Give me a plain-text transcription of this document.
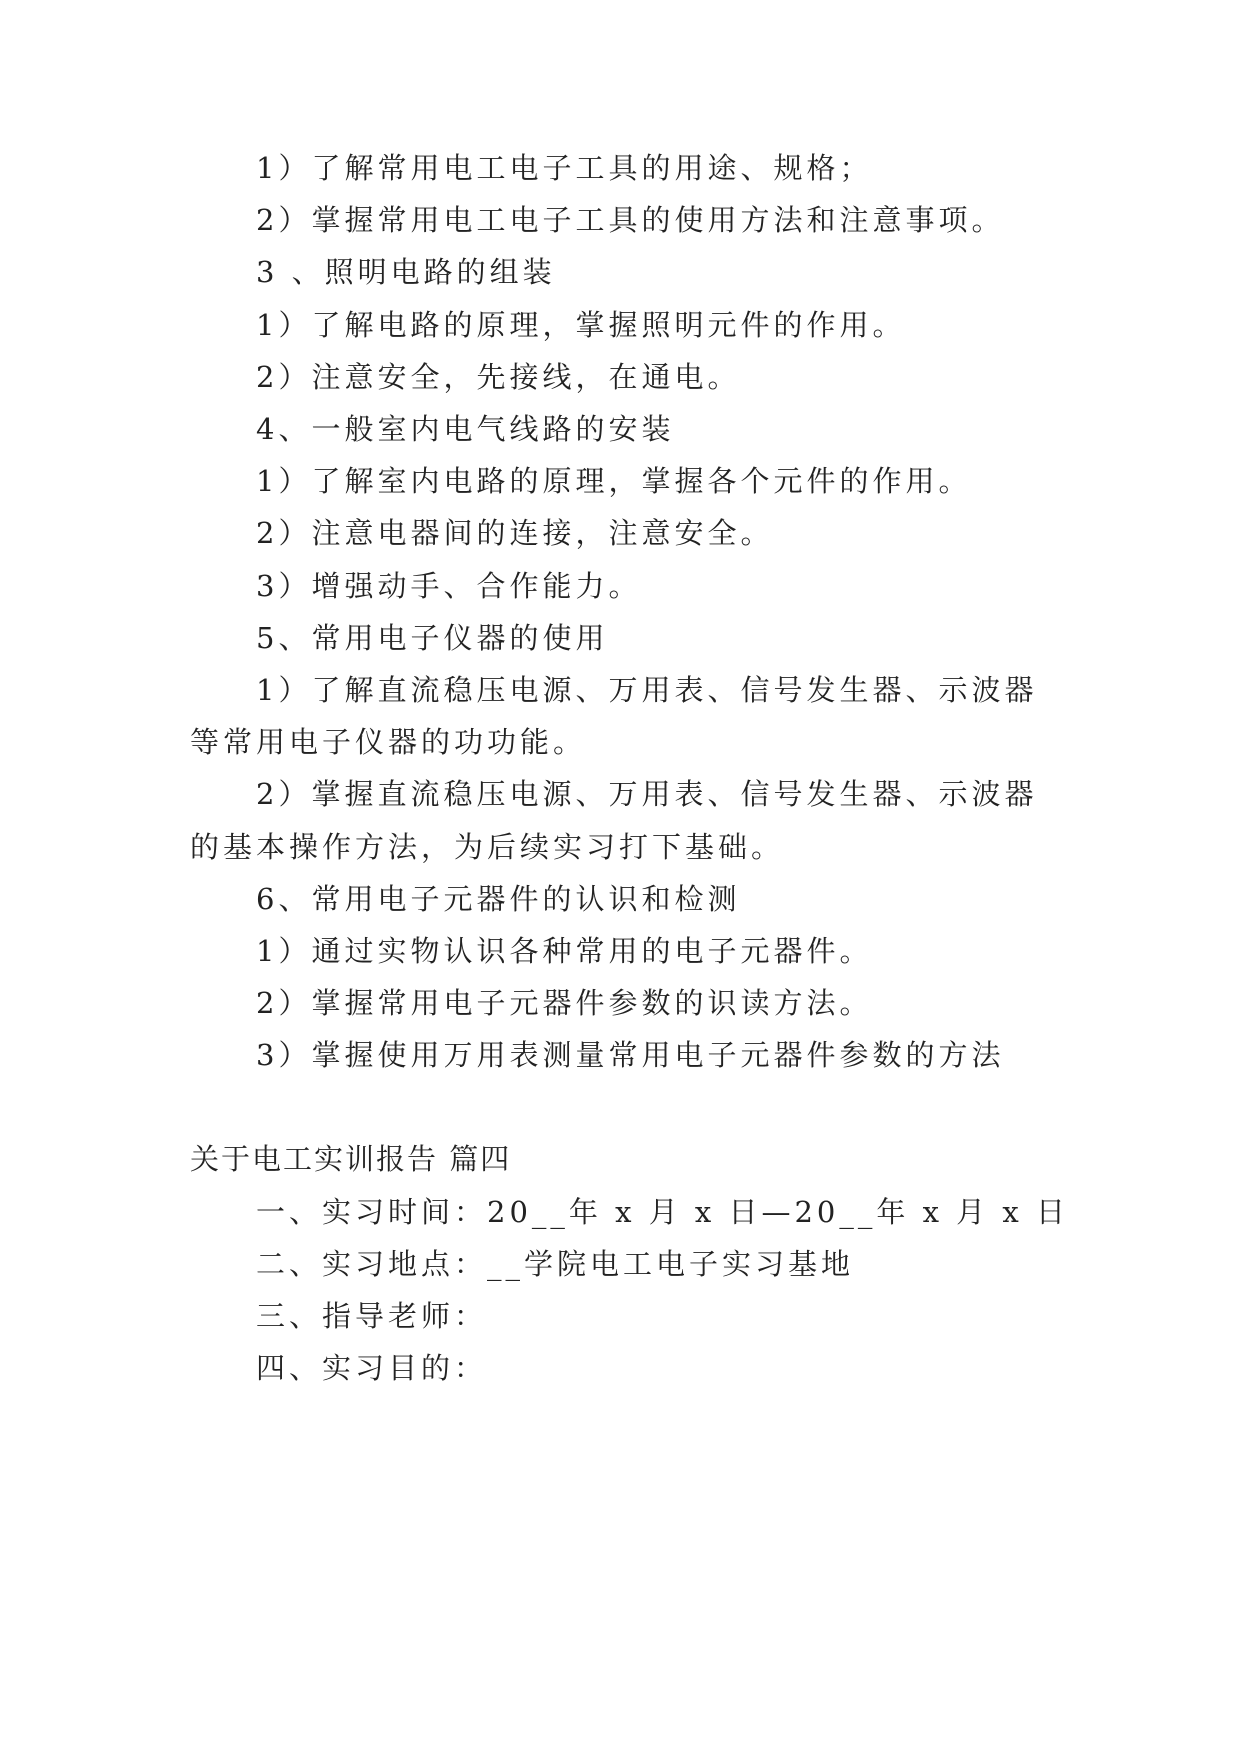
1）了解常用电工电子工具的用途、规格；
2）掌握常用电工电子工具的使用方法和注意事项。
3 、照明电路的组装
1）了解电路的原理，掌握照明元件的作用。
2）注意安全，先接线，在通电。
4、一般室内电气线路的安装
1）了解室内电路的原理，掌握各个元件的作用。
2）注意电器间的连接，注意安全。
3）增强动手、合作能力。
5、常用电子仪器的使用
1）了解直流稳压电源、万用表、信号发生器、示波器
等常用电子仪器的功功能。
2）掌握直流稳压电源、万用表、信号发生器、示波器
的基本操作方法，为后续实习打下基础。
6、常用电子元器件的认识和检测
1）通过实物认识各种常用的电子元器件。
2）掌握常用电子元器件参数的识读方法。
3）掌握使用万用表测量常用电子元器件参数的方法
关于电工实训报告 篇四
一、实习时间：20__年 x 月 x 日—20__年 x 月 x 日
二、实习地点：__学院电工电子实习基地
三、指导老师：
四、实习目的：
